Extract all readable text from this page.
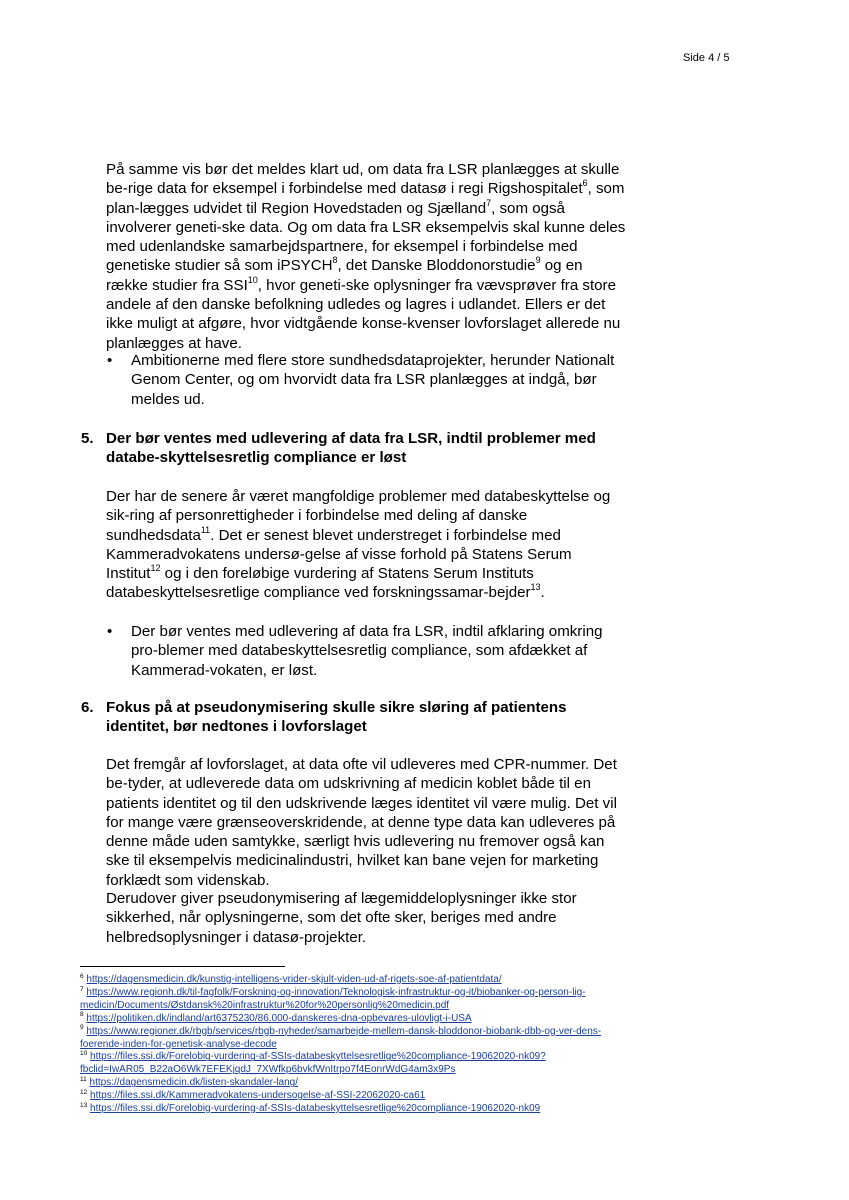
Side 4 / 5

På samme vis bør det meldes klart ud, om data fra LSR planlægges at skulle be-rige data for eksempel i forbindelse med datasø i regi Rigshospitalet$^6$, som plan-lægges udvidet til Region Hovedstaden og Sjælland$^7$, som også involverer geneti-ske data. Og om data fra LSR eksempelvis skal kunne deles med udenlandske samarbejdspartnere, for eksempel i forbindelse med genetiske studier så som iPSYCH$^8$, det Danske Bloddonorstudie$^9$ og en række studier fra SSI$^{10}$, hvor geneti-ske oplysninger fra vævsprøver fra store andele af den danske befolkning udledes og lagres i udlandet. Ellers er det ikke muligt at afgøre, hvor vidtgående konse-kvenser lovforslaget allerede nu planlægges at have.

• Ambitionerne med flere store sundhedsdataprojekter, herunder Nationalt Genom Center, og om hvorvidt data fra LSR planlægges at indgå, bør meldes ud.
5. Der bør ventes med udlevering af data fra LSR, indtil problemer med databe-skyttelsesretlig compliance er løst

Der har de senere år været mangfoldige problemer med databeskyttelse og sik-ring af personrettigheder i forbindelse med deling af danske sundhedsdata$^{11}$. Det er senest blevet understreget i forbindelse med Kammeradvokatens undersø-gelse af visse forhold på Statens Serum Institut$^{12}$ og i den foreløbige vurdering af Statens Serum Instituts databeskyttelsesretlige compliance ved forskningssamar-bejder$^{13}$.

• Der bør ventes med udlevering af data fra LSR, indtil afklaring omkring pro-blemer med databeskyttelsesretlig compliance, som afdækket af Kammerad-vokaten, er løst.
6. Fokus på at pseudonymisering skulle sikre sløring af patientens identitet, bør nedtones i lovforslaget
Det fremgår af lovforslaget, at data ofte vil udleveres med CPR-nummer. Det be-tyder, at udleverede data om udskrivning af medicin koblet både til en patients identitet og til den udskrivende læges identitet vil være mulig. Det vil for mange være grænseoverskridende, at denne type data kan udleveres på denne måde uden samtykke, særligt hvis udlevering nu fremover også kan ske til eksempelvis medicinalindustri, hvilket kan bane vejen for marketing forklædt som videnskab.
Derudover giver pseudonymisering af lægemiddeloplysninger ikke stor sikkerhed, når oplysningerne, som det ofte sker, beriges med andre helbredsoplysninger i datasø-projekter.

$^6$ https://dagensmedicin.dk/kunstig-intelligens-vrider-skjult-viden-ud-af-rigets-soe-af-patientdata/

$^7$ https://www.regionh.dk/til-fagfolk/Forskning-og-innovation/Teknologisk-infrastruktur-og-it/biobanker-og-person-lig-medicin/Documents/Østdansk%20infrastruktur%20for%20personlig%20medicin.pdf

$^8$ https://politiken.dk/indland/art6375230/86.000-danskeres-dna-opbevares-ulovligt-i-USA

$^9$ https://www.regioner.dk/rbgb/services/rbgb-nyheder/samarbejde-mellem-dansk-bloddonor-biobank-dbb-og-ver-dens-foerende-inden-for-genetisk-analyse-decode

$^{10}$ https://files.ssi.dk/Forelobig-vurdering-af-SSIs-databeskyttelsesretlige%20compliance-19062020-nk09?fbclid=IwAR05_B22aO6Wk7EFEKjqdJ_7XWfkp6bvkfWnItrpo7f4EonrWdG4am3x9Ps

$^{11}$ https://dagensmedicin.dk/listen-skandaler-lang/

$^{12}$ https://files.ssi.dk/Kammeradvokatens-undersogelse-af-SSI-22062020-ca61

$^{13}$ https://files.ssi.dk/Forelobig-vurdering-af-SSIs-databeskyttelsesretlige%20compliance-19062020-nk09
